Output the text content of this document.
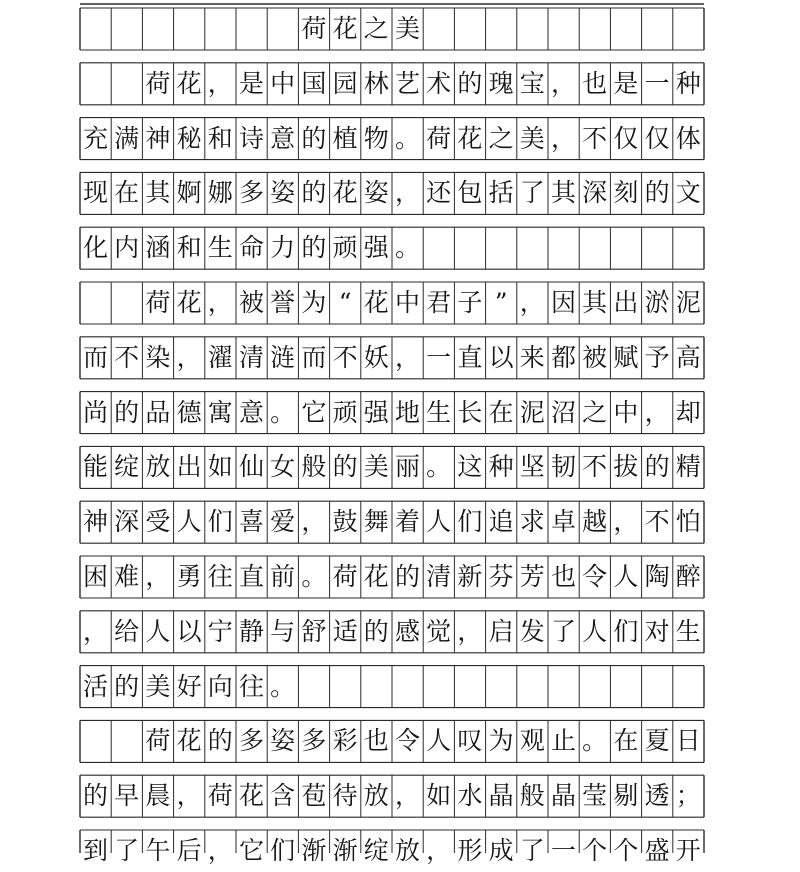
荷 花 之 美
荷 花 ， 是 中 国 园 林 艺 术 的 瑰 宝 ， 也 是 一 种
充 满 神 秘 和 诗 意 的 植 物 。 荷 花 之 美 ， 不 仅 仅 体
现 在 其 婀 娜 多 姿 的 花 姿 ， 还 包 括 了 其 深 刻 的 文
化 内 涵 和 生 命 力 的 顽 强 。
荷 花 ， 被 誉 为 “ 花 中 君 子 ” ， 因 其 出 淤 泥
而 不 染 ， 濯 清 涟 而 不 妖 ， 一 直 以 来 都 被 赋 予 高
尚 的 品 德 寓 意 。 它 顽 强 地 生 长 在 泥 沼 之 中 ， 却
能 绽 放 出 如 仙 女 般 的 美 丽 。 这 种 坚 韧 不 拔 的 精
神 深 受 人 们 喜 爱 ， 鼓 舞 着 人 们 追 求 卓 越 ， 不 怕
困 难 ， 勇 往 直 前 。 荷 花 的 清 新 芬 芳 也 令 人 陶 醉
， 给 人 以 宁 静 与 舒 适 的 感 觉 ， 启 发 了 人 们 对 生
活 的 美 好 向 往 。
荷 花 的 多 姿 多 彩 也 令 人 叹 为 观 止 。 在 夏 日
的 早 晨 ， 荷 花 含 苞 待 放 ， 如 水 晶 般 晶 莹 剔 透 ；
到 了 午 后 ， 它 们 渐 渐 绽 放 ， 形 成 了 一 个 个 盛 开
